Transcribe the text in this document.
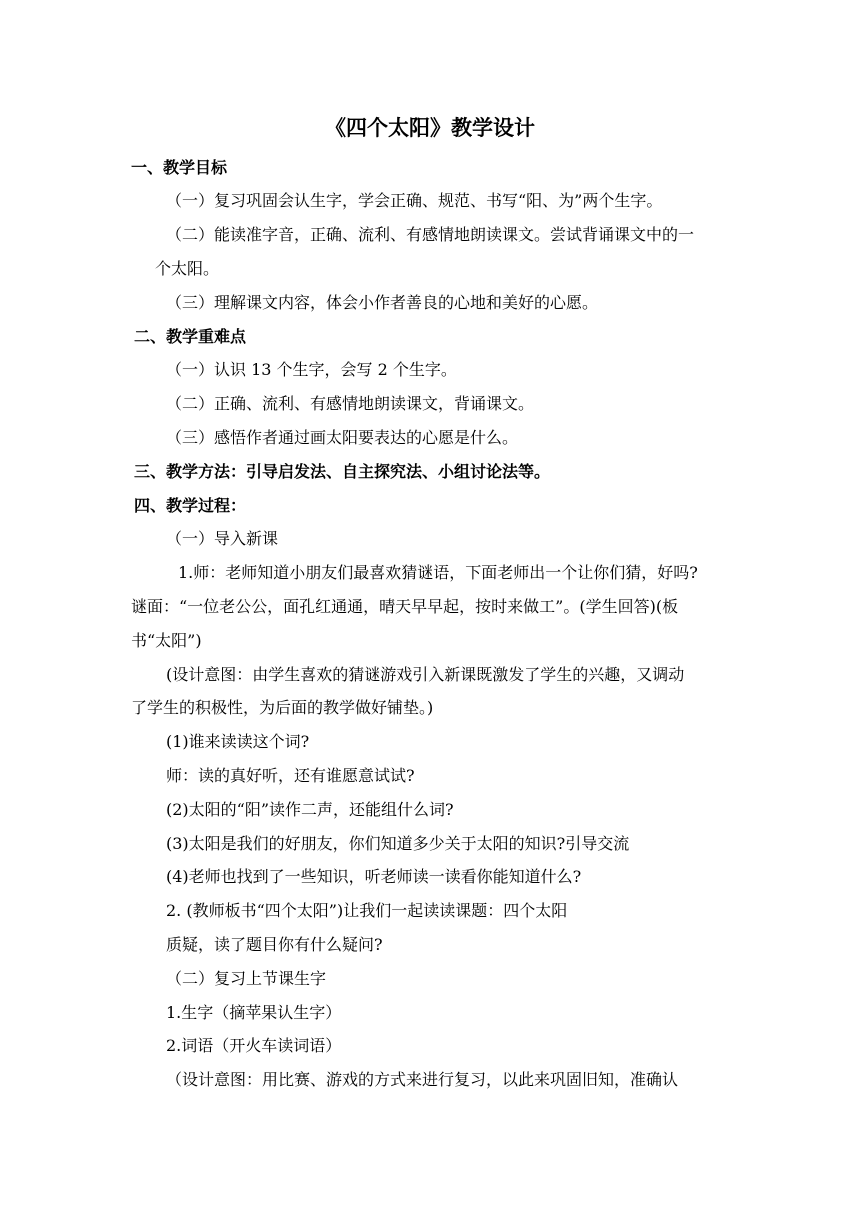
《四个太阳》教学设计
一、教学目标
（一）复习巩固会认生字，学会正确、规范、书写“阳、为”两个生字。
（二）能读准字音，正确、流利、有感情地朗读课文。尝试背诵课文中的一
个太阳。
（三）理解课文内容，体会小作者善良的心地和美好的心愿。
二、教学重难点
（一）认识 13 个生字，会写 2 个生字。
（二）正确、流利、有感情地朗读课文，背诵课文。
（三）感悟作者通过画太阳要表达的心愿是什么。
三、教学方法：引导启发法、自主探究法、小组讨论法等。
四、教学过程：
（一）导入新课
1.师：老师知道小朋友们最喜欢猜谜语，下面老师出一个让你们猜，好吗?
谜面：“一位老公公，面孔红通通，晴天早早起，按时来做工”。(学生回答)(板
书“太阳”)
(设计意图：由学生喜欢的猜谜游戏引入新课既激发了学生的兴趣，又调动
了学生的积极性，为后面的教学做好铺垫。)
(1)谁来读读这个词?
师：读的真好听，还有谁愿意试试?
(2)太阳的“阳”读作二声，还能组什么词?
(3)太阳是我们的好朋友，你们知道多少关于太阳的知识?引导交流
(4)老师也找到了一些知识，听老师读一读看你能知道什么?
2. (教师板书“四个太阳”)让我们一起读读课题：四个太阳
质疑，读了题目你有什么疑问?
（二）复习上节课生字
1.生字（摘苹果认生字）
2.词语（开火车读词语）
（设计意图：用比赛、游戏的方式来进行复习，以此来巩固旧知，准确认
